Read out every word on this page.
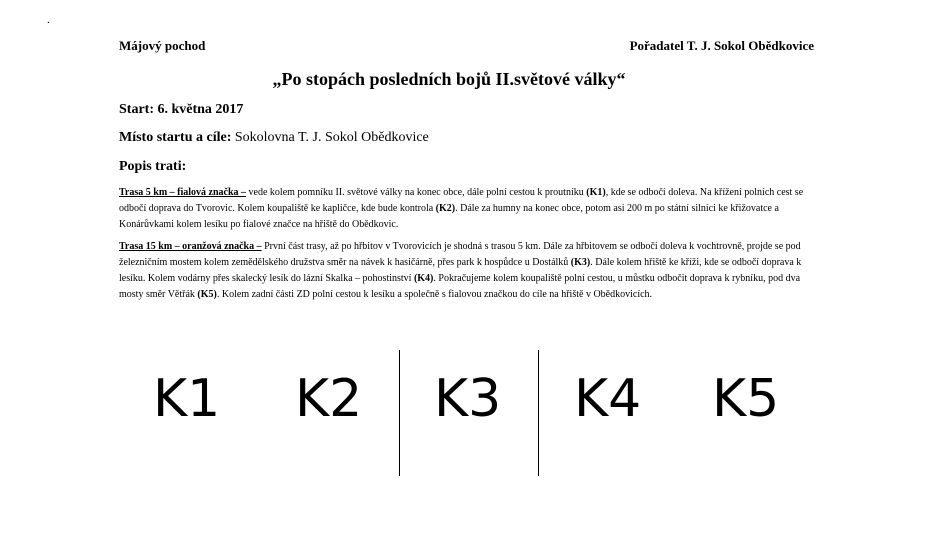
.
Májový pochod	Pořadatel T. J. Sokol Obědkovice
„Po stopách posledních bojů II.světové války“
Start: 6. května 2017
Místo startu a cíle: Sokolovna T. J. Sokol Obědkovice
Popis trati:
Trasa 5 km – fialová značka – vede kolem pomníku II. světové války na konec obce, dále polní cestou k proutníku (K1), kde se odbočí doleva. Na křížení polních cest se odbočí doprava do Tvorovic. Kolem koupaliště ke kapličce, kde bude kontrola (K2). Dále za humny na konec obce, potom asi 200 m po státní silnici ke křižovatce a Konárůvkami kolem lesíku po fialové značce na hřiště do Obědkovic.
Trasa 15 km – oranžová značka – První část trasy, až po hřbitov v Tvorovicích je shodná s trasou 5 km. Dále za hřbitovem se odbočí doleva k vochtrovně, projde se pod železničním mostem kolem zemědělského družstva směr na návek k hasičárně, přes park k hospůdce u Dostálků (K3). Dále kolem hřiště ke kříži, kde se odbočí doprava k lesíku. Kolem vodárny přes skalecký lesík do lázní Skalka – pohostinství (K4). Pokračujeme kolem koupaliště polní cestou, u můstku odbočit doprava k rybníku, pod dva mosty směr Větřák (K5). Kolem zadní části ZD polní cestou k lesíku a společně s fialovou značkou do cíle na hřiště v Obědkovicích.
K1 K2 K3 K4 K5
